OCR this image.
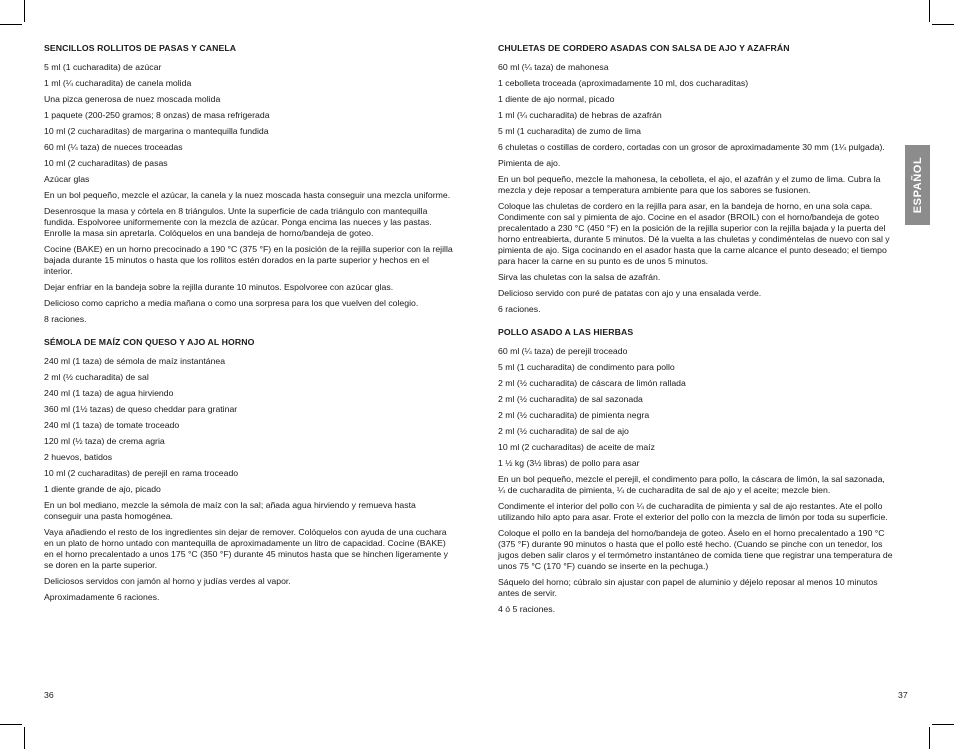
SENCILLOS ROLLITOS DE PASAS Y CANELA
5 ml (1 cucharadita) de azúcar
1 ml (¼ cucharadita) de canela molida
Una pizca generosa de nuez moscada molida
1 paquete (200-250 gramos; 8 onzas) de masa refrigerada
10 ml (2 cucharaditas) de margarina o mantequilla fundida
60 ml (¼ taza) de nueces troceadas
10 ml (2 cucharaditas) de pasas
Azúcar glas
En un bol pequeño, mezcle el azúcar, la canela y la nuez moscada hasta conseguir una mezcla uniforme.
Desenrosque la masa y córtela en 8 triángulos. Unte la superficie de cada triángulo con mantequilla fundida. Espolvoree uniformemente con la mezcla de azúcar. Ponga encima las nueces y las pastas. Enrolle la masa sin apretarla. Colóquelos en una bandeja de horno/bandeja de goteo.
Cocine (BAKE) en un horno precocinado a 190 °C (375 °F) en la posición de la rejilla superior con la rejilla bajada durante 15 minutos o hasta que los rollitos estén dorados en la parte superior y hechos en el interior.
Dejar enfriar en la bandeja sobre la rejilla durante 10 minutos. Espolvoree con azúcar glas.
Delicioso como capricho a media mañana o como una sorpresa para los que vuelven del colegio.
8 raciones.
SÉMOLA DE MAÍZ CON QUESO Y AJO AL HORNO
240 ml (1 taza) de sémola de maíz instantánea
2 ml (½ cucharadita) de sal
240 ml (1 taza) de agua hirviendo
360 ml (1½ tazas) de queso cheddar para gratinar
240 ml (1 taza) de tomate troceado
120 ml (½ taza) de crema agria
2 huevos, batidos
10 ml (2 cucharaditas) de perejil en rama troceado
1 diente grande de ajo, picado
En un bol mediano, mezcle la sémola de maíz con la sal; añada agua hirviendo y remueva hasta conseguir una pasta homogénea.
Vaya añadiendo el resto de los ingredientes sin dejar de remover. Colóquelos con ayuda de una cuchara en un plato de horno untado con mantequilla de aproximadamente un litro de capacidad. Cocine (BAKE) en el horno precalentado a unos 175 °C (350 °F) durante 45 minutos hasta que se hinchen ligeramente y se doren en la parte superior.
Deliciosos servidos con jamón al horno y judías verdes al vapor.
Aproximadamente 6 raciones.
CHULETAS DE CORDERO ASADAS CON SALSA DE AJO Y AZAFRÁN
60 ml (¼ taza) de mahonesa
1 cebolleta troceada (aproximadamente 10 ml, dos cucharaditas)
1 diente de ajo normal, picado
1 ml (¼ cucharadita) de hebras de azafrán
5 ml (1 cucharadita) de zumo de lima
6 chuletas o costillas de cordero, cortadas con un grosor de aproximadamente 30 mm (1¼ pulgada).
Pimienta de ajo.
En un bol pequeño, mezcle la mahonesa, la cebolleta, el ajo, el azafrán y el zumo de lima. Cubra la mezcla y deje reposar a temperatura ambiente para que los sabores se fusionen.
Coloque las chuletas de cordero en la rejilla para asar, en la bandeja de horno, en una sola capa. Condimente con sal y pimienta de ajo. Cocine en el asador (BROIL) con el horno/bandeja de goteo precalentado a 230 °C (450 °F) en la posición de la rejilla superior con la rejilla bajada y la puerta del horno entreabierta, durante 5 minutos. Dé la vuelta a las chuletas y condiméntelas de nuevo con sal y pimienta de ajo. Siga cocinando en el asador hasta que la carne alcance el punto deseado; el tiempo para hacer la carne en su punto es de unos 5 minutos.
Sirva las chuletas con la salsa de azafrán.
Delicioso servido con puré de patatas con ajo y una ensalada verde.
6 raciones.
POLLO ASADO A LAS HIERBAS
60 ml (¼ taza) de perejil troceado
5 ml (1 cucharadita) de condimento para pollo
2 ml (½ cucharadita) de cáscara de limón rallada
2 ml (½ cucharadita) de sal sazonada
2 ml (½ cucharadita) de pimienta negra
2 ml (½ cucharadita) de sal de ajo
10 ml (2 cucharaditas) de aceite de maíz
1 ½ kg (3½ libras) de pollo para asar
En un bol pequeño, mezcle el perejil, el condimento para pollo, la cáscara de limón, la sal sazonada, ¼ de cucharadita de pimienta, ¼ de cucharadita de sal de ajo y el aceite; mezcle bien.
Condimente el interior del pollo con ¼ de cucharadita de pimienta y sal de ajo restantes. Ate el pollo utilizando hilo apto para asar. Frote el exterior del pollo con la mezcla de limón por toda su superficie.
Coloque el pollo en la bandeja del horno/bandeja de goteo. Áselo en el horno precalentado a 190 °C (375 °F) durante 90 minutos o hasta que el pollo esté hecho. (Cuando se pinche con un tenedor, los jugos deben salir claros y el termómetro instantáneo de comida tiene que registrar una temperatura de unos 75 °C (170 °F) cuando se inserte en la pechuga.)
Sáquelo del horno; cúbralo sin ajustar con papel de aluminio y déjelo reposar al menos 10 minutos antes de servir.
4 ó 5 raciones.
ESPAÑOL
36	37
